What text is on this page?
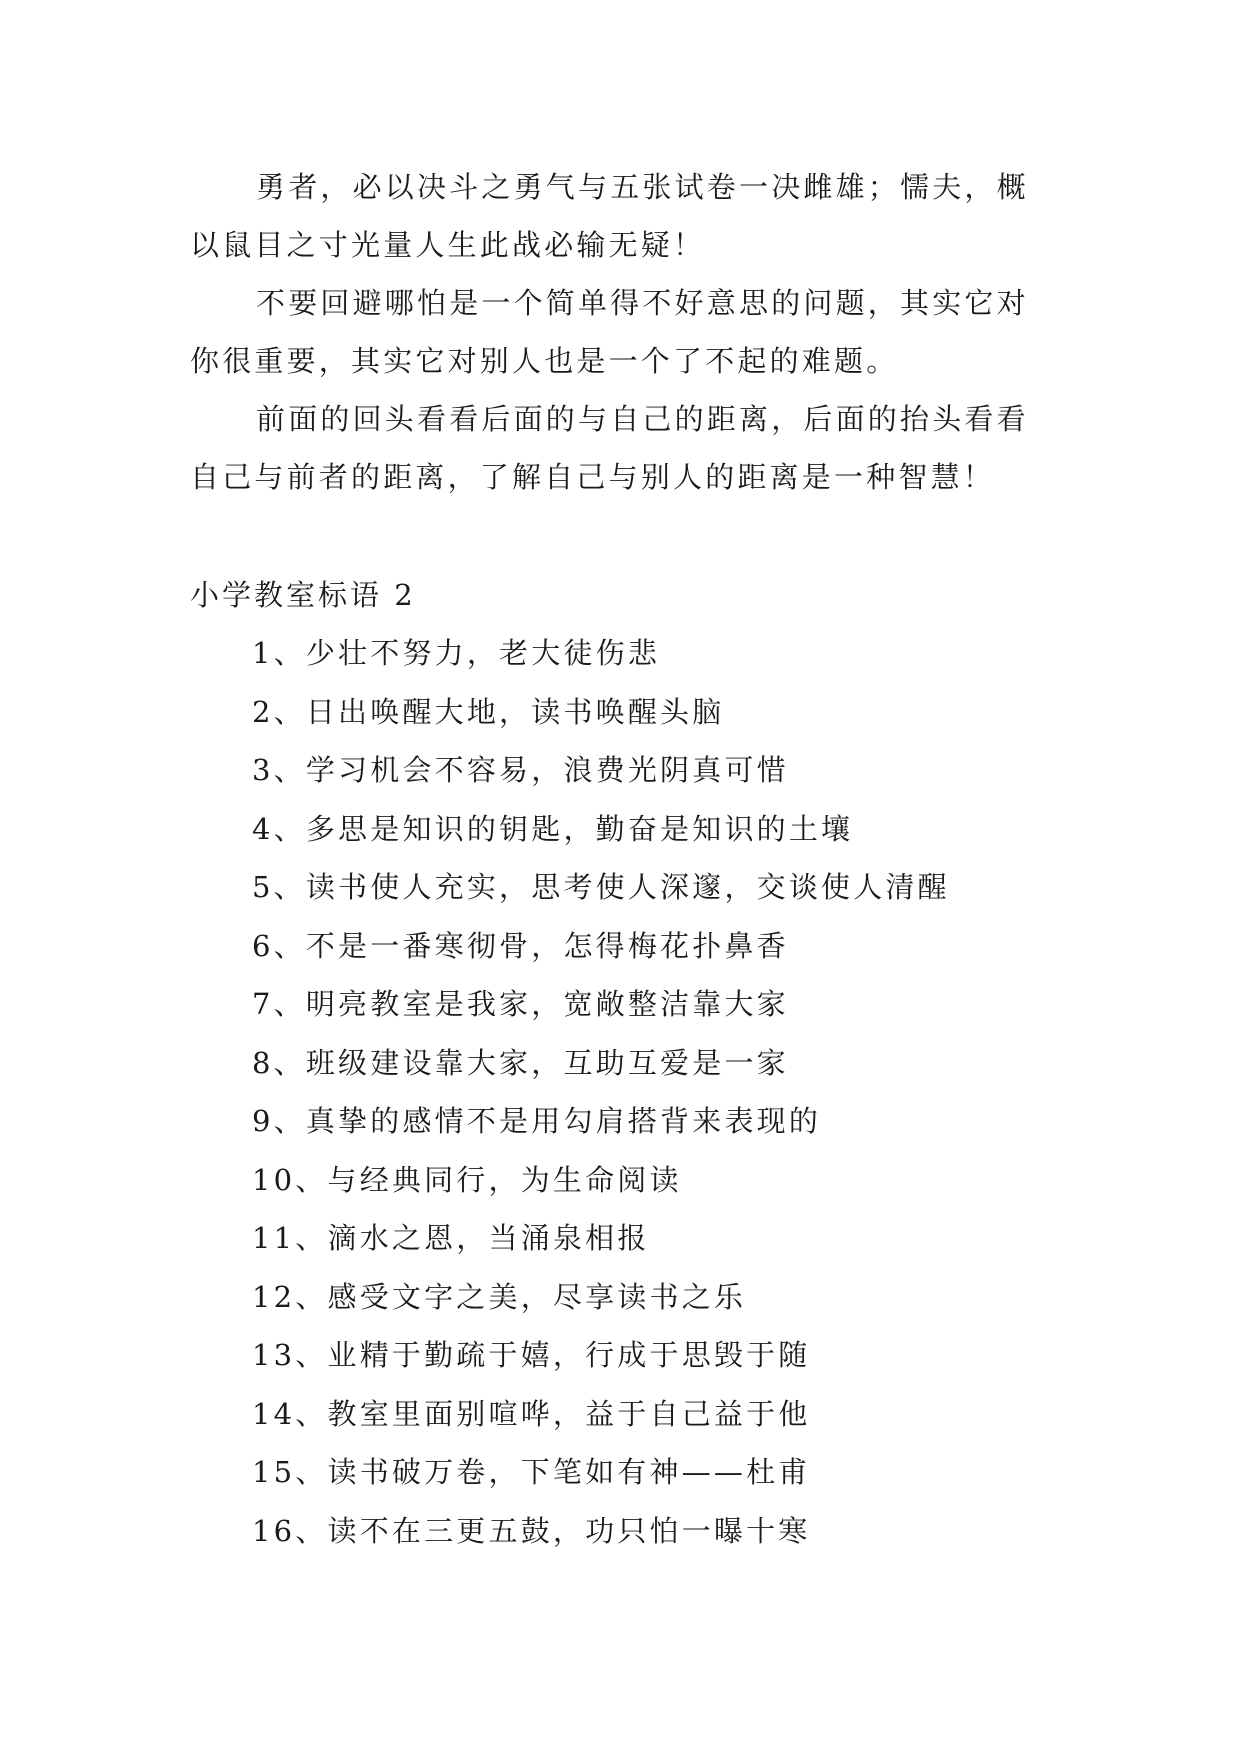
勇者，必以决斗之勇气与五张试卷一决雌雄；懦夫，概以鼠目之寸光量人生此战必输无疑！

不要回避哪怕是一个简单得不好意思的问题，其实它对你很重要，其实它对别人也是一个了不起的难题。

前面的回头看看后面的与自己的距离，后面的抬头看看自己与前者的距离，了解自己与别人的距离是一种智慧！

小学教室标语 2
1、少壮不努力，老大徒伤悲
2、日出唤醒大地，读书唤醒头脑
3、学习机会不容易，浪费光阴真可惜
4、多思是知识的钥匙，勤奋是知识的土壤
5、读书使人充实，思考使人深邃，交谈使人清醒
6、不是一番寒彻骨，怎得梅花扑鼻香
7、明亮教室是我家，宽敞整洁靠大家
8、班级建设靠大家，互助互爱是一家
9、真挚的感情不是用勾肩搭背来表现的
10、与经典同行，为生命阅读
11、滴水之恩，当涌泉相报
12、感受文字之美，尽享读书之乐
13、业精于勤疏于嬉，行成于思毁于随
14、教室里面别喧哗，益于自己益于他
15、读书破万卷，下笔如有神——杜甫
16、读不在三更五鼓，功只怕一曝十寒
